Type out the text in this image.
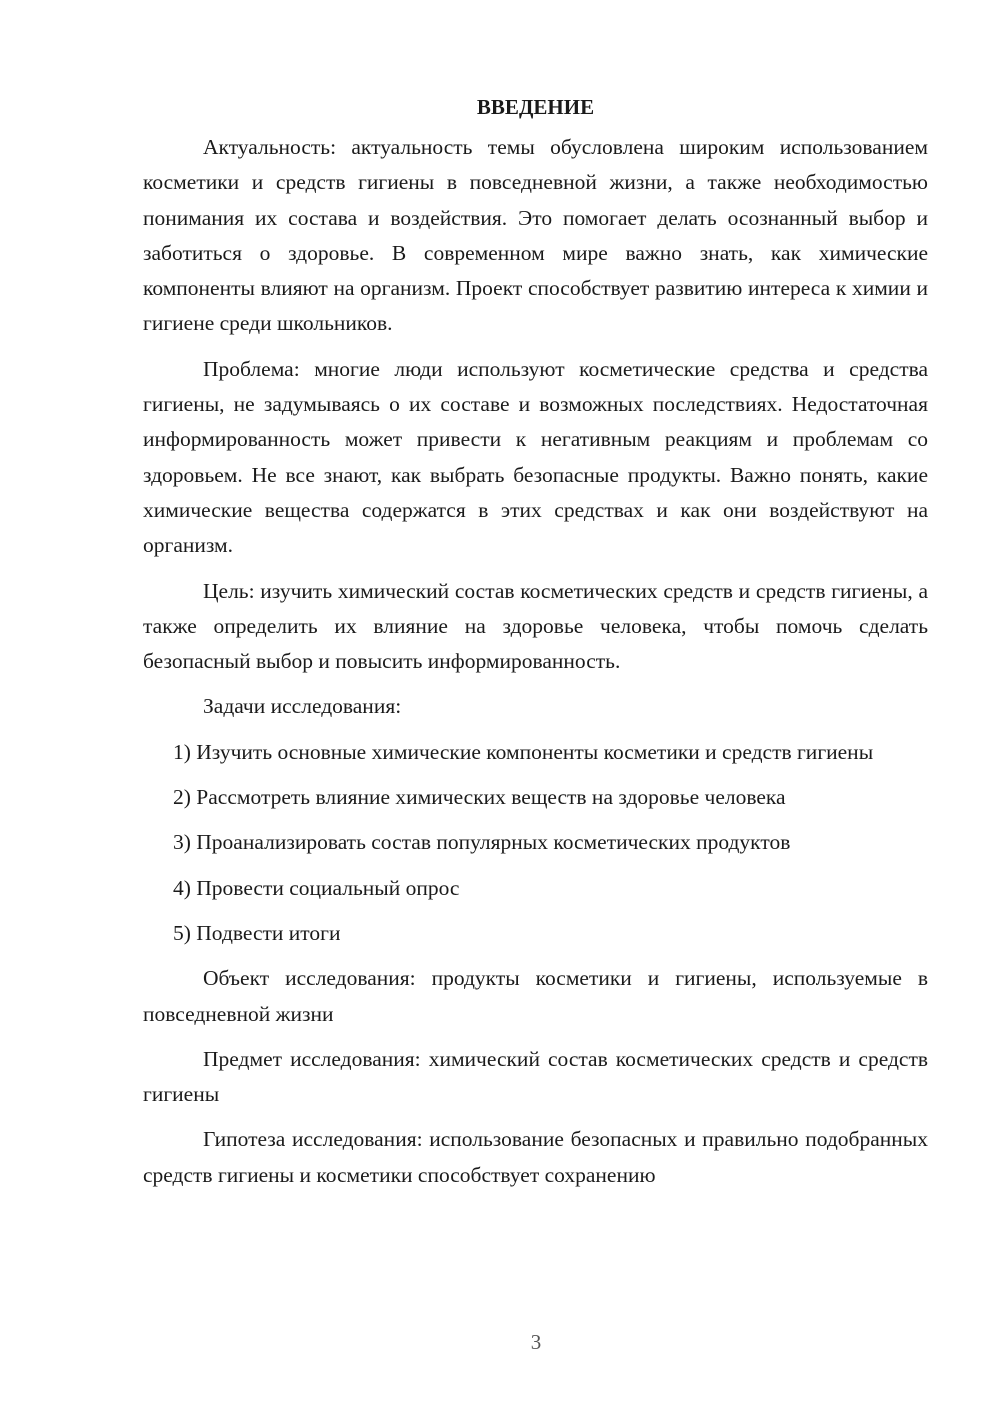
ВВЕДЕНИЕ

Актуальность: актуальность темы обусловлена широким использованием косметики и средств гигиены в повседневной жизни, а также необходимостью понимания их состава и воздействия. Это помогает делать осознанный выбор и заботиться о здоровье. В современном мире важно знать, как химические компоненты влияют на организм. Проект способствует развитию интереса к химии и гигиене среди школьников.

Проблема: многие люди используют косметические средства и средства гигиены, не задумываясь о их составе и возможных последствиях. Недостаточная информированность может привести к негативным реакциям и проблемам со здоровьем. Не все знают, как выбрать безопасные продукты. Важно понять, какие химические вещества содержатся в этих средствах и как они воздействуют на организм.

Цель: изучить химический состав косметических средств и средств гигиены, а также определить их влияние на здоровье человека, чтобы помочь сделать безопасный выбор и повысить информированность.

Задачи исследования:

1) Изучить основные химические компоненты косметики и средств гигиены

2) Рассмотреть влияние химических веществ на здоровье человека

3) Проанализировать состав популярных косметических продуктов

4) Провести социальный опрос

5) Подвести итоги

Объект исследования: продукты косметики и гигиены, используемые в повседневной жизни

Предмет исследования: химический состав косметических средств и средств гигиены

Гипотеза исследования: использование безопасных и правильно подобранных средств гигиены и косметики способствует сохранению

3
